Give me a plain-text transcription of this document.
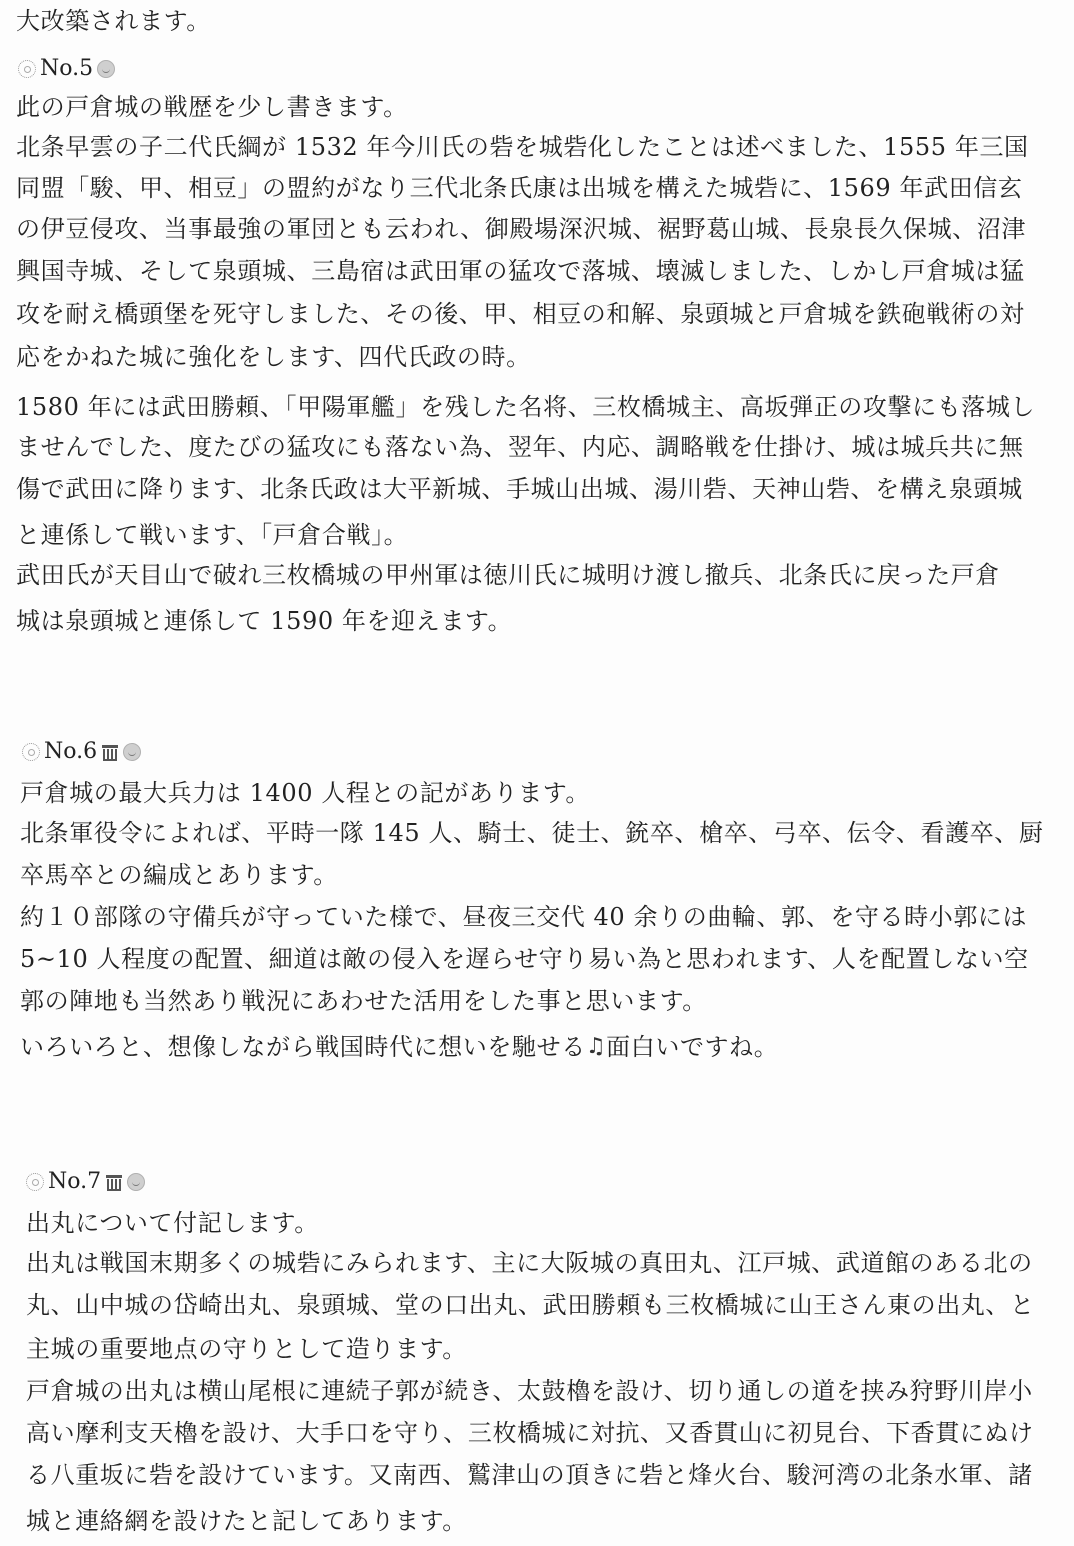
大改築されます。
No.5
此の戸倉城の戦歴を少し書きます。
北条早雲の子二代氏綱が 1532 年今川氏の砦を城砦化したことは述べました、1555 年三国
同盟「駿、甲、相豆」の盟約がなり三代北条氏康は出城を構えた城砦に、1569 年武田信玄
の伊豆侵攻、当事最強の軍団とも云われ、御殿場深沢城、裾野葛山城、長泉長久保城、沼津
興国寺城、そして泉頭城、三島宿は武田軍の猛攻で落城、壊滅しました、しかし戸倉城は猛
攻を耐え橋頭堡を死守しました、その後、甲、相豆の和解、泉頭城と戸倉城を鉄砲戦術の対
応をかねた城に強化をします、四代氏政の時。
1580 年には武田勝頼、「甲陽軍艦」を残した名将、三枚橋城主、高坂弾正の攻撃にも落城し
ませんでした、度たびの猛攻にも落ない為、翌年、内応、調略戦を仕掛け、城は城兵共に無
傷で武田に降ります、北条氏政は大平新城、手城山出城、湯川砦、天神山砦、を構え泉頭城
と連係して戦います、「戸倉合戦」。
武田氏が天目山で破れ三枚橋城の甲州軍は徳川氏に城明け渡し撤兵、北条氏に戻った戸倉
城は泉頭城と連係して 1590 年を迎えます。
No.6
戸倉城の最大兵力は 1400 人程との記があります。
北条軍役令によれば、平時一隊 145 人、騎士、徒士、銃卒、槍卒、弓卒、伝令、看護卒、厨
卒馬卒との編成とあります。
約１０部隊の守備兵が守っていた様で、昼夜三交代 40 余りの曲輪、郭、を守る時小郭には
5~10 人程度の配置、細道は敵の侵入を遅らせ守り易い為と思われます、人を配置しない空
郭の陣地も当然あり戦況にあわせた活用をした事と思います。
いろいろと、想像しながら戦国時代に想いを馳せる ♫ 面白いですね。
No.7
出丸について付記します。
出丸は戦国末期多くの城砦にみられます、主に大阪城の真田丸、江戸城、武道館のある北の
丸、山中城の岱崎出丸、泉頭城、堂の口出丸、武田勝頼も三枚橋城に山王さん東の出丸、と
主城の重要地点の守りとして造ります。
戸倉城の出丸は横山尾根に連続子郭が続き、太鼓櫓を設け、切り通しの道を挟み狩野川岸小
高い摩利支天櫓を設け、大手口を守り、三枚橋城に対抗、又香貫山に初見台、下香貫にぬけ
る八重坂に砦を設けています。又南西、鷲津山の頂きに砦と烽火台、駿河湾の北条水軍、諸
城と連絡網を設けたと記してあります。
